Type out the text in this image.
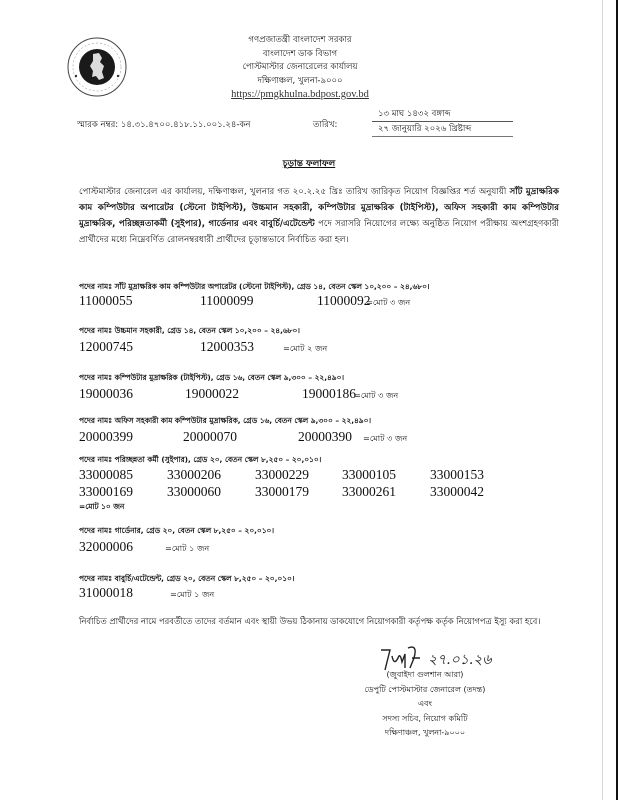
গণপ্রজাতন্ত্রী বাংলাদেশ সরকার
বাংলাদেশ ডাক বিভাগ
পোস্টমাস্টার জেনারেলের কার্যালয়
দক্ষিণাঞ্চল, খুলনা-৯০০০
https://pmgkhulna.bdpost.gov.bd
স্মারক নম্বর: ১৪.৩১.৪৭০০.৪১৮.১১.০০১.২৪-কন	তারিখ:
১৩ মাঘ ১৪৩২ বঙ্গাব্দ
২৭ জানুয়ারি ২০২৬ খ্রিষ্টাব্দ
চূড়ান্ত ফলাফল
পোস্টমাস্টার জেনারেল এর কার্যালয়, দক্ষিণাঞ্চল, খুলনার গত ২০.২.২৫ খ্রিঃ তারিখ জারিকৃত নিয়োগ বিজ্ঞপ্তির শর্ত অনুযায়ী সাঁট মুদ্রাক্ষরিক কাম কম্পিউটার অপারেটর (স্টেনো টাইপিস্ট), উচ্চমান সহকারী, কম্পিউটার মুদ্রাক্ষরিক (টাইপিস্ট), অফিস সহকারী কাম কম্পিউটার মুদ্রাক্ষরিক, পরিচ্ছন্নতাকর্মী (সুইপার), গার্ডেনার এবং বাবুর্চি/এটেন্ডেন্ট পদে সরাসরি নিয়োগের লক্ষ্যে অনুষ্ঠিত নিয়োগ পরীক্ষায় অংশগ্রহণকারী প্রার্থীদের মধ্যে নিম্নেবর্ণিত রোলনম্বরধারী প্রার্থীদের চূড়ান্তভাবে নির্বাচিত করা হল।
পদের নামঃ সাঁট মুদ্রাক্ষরিক কাম কম্পিউটার অপারেটর (স্টেনো টাইপিস্ট), গ্রেড ১৪, বেতন স্কেল ১০,২০০ – ২৪,৬৮০।
11000055	11000099	11000092
=মোট ৩ জন
পদের নামঃ উচ্চমান সহকারী, গ্রেড ১৪, বেতন স্কেল ১০,২০০ – ২৪,৬৮০।
12000745	12000353	=মোট ২ জন
পদের নামঃ কম্পিউটার মুদ্রাক্ষরিক (টাইপিস্ট), গ্রেড ১৬, বেতন স্কেল ৯,৩০০ – ২২,৪৯০।
19000036	19000022	19000186
=মোট ৩ জন
পদের নামঃ অফিস সহকারী কাম কম্পিউটার মুদ্রাক্ষরিক, গ্রেড ১৬, বেতন স্কেল ৯,৩০০ – ২২,৪৯০।
20000399	20000070	20000390 =মোট ৩ জন
পদের নামঃ পরিচ্ছন্নতা কর্মী (সুইপার), গ্রেড ২০, বেতন স্কেল ৮,২৫০ – ২০,০১০।
33000085	33000206	33000229 33000105	33000153
33000169	33000060	33000179 33000261	33000042
=মোট ১০ জন
পদের নামঃ গার্ডেনার, গ্রেড ২০, বেতন স্কেল ৮,২৫০ – ২০,০১০।
32000006	=মোট ১ জন
পদের নামঃ বাবুর্চি/এটেন্ডেন্ট, গ্রেড ২০, বেতন স্কেল ৮,২৫০ – ২০,০১০।
31000018	=মোট ১ জন
নির্বাচিত প্রার্থীদের নামে পরবর্তীতে তাদের বর্তমান এবং স্থায়ী উভয় ঠিকানায় ডাকযোগে নিয়োগকারী কর্তৃপক্ষ কর্তৃক নিয়োগপত্র ইস্যু করা হবে।
২৭.০১.২৬
(জুবাইদা গুলশান আরা)
ডেপুটি পোস্টমাস্টার জেনারেল (তদন্ত)
এবং
সদস্য সচিব, নিয়োগ কমিটি
দক্ষিণাঞ্চল, খুলনা-৯০০০
